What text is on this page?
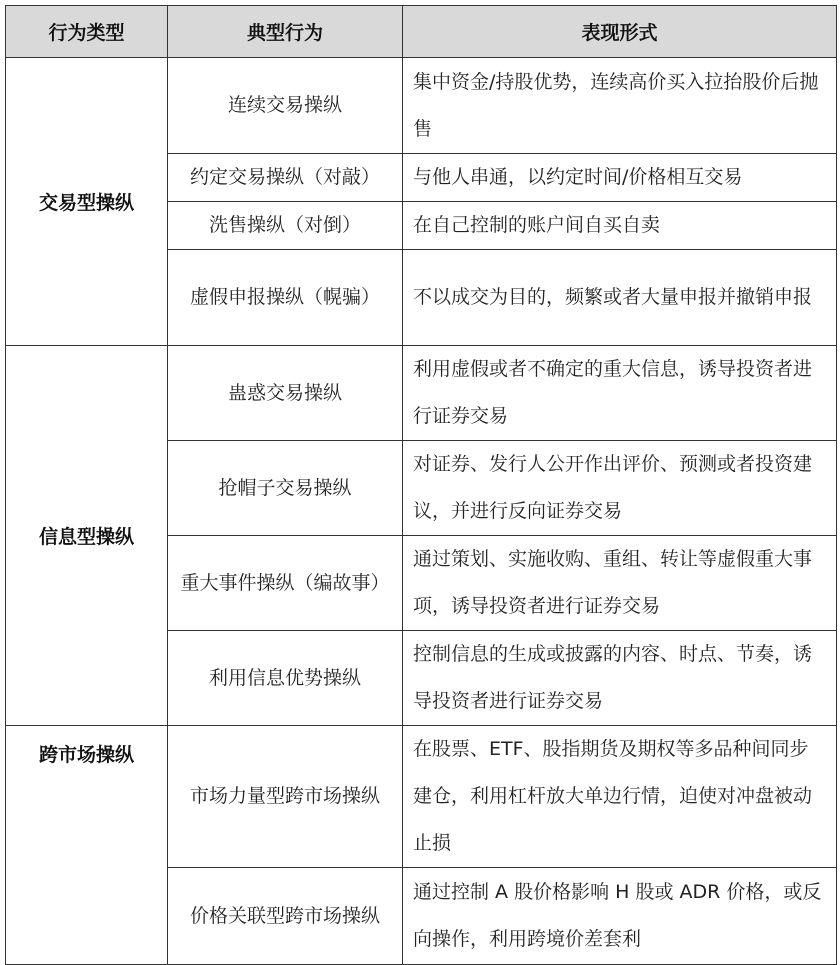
行为类型	典型行为	表现形式
交易型操纵	连续交易操纵	集中资金/持股优势，连续高价买入拉抬股价后抛售
	约定交易操纵（对敲）	与他人串通，以约定时间/价格相互交易
	洗售操纵（对倒）	在自己控制的账户间自买自卖
	虚假申报操纵（幌骗）	不以成交为目的，频繁或者大量申报并撤销申报
信息型操纵	蛊惑交易操纵	利用虚假或者不确定的重大信息，诱导投资者进行证券交易
	抢帽子交易操纵	对证券、发行人公开作出评价、预测或者投资建议，并进行反向证券交易
	重大事件操纵（编故事）	通过策划、实施收购、重组、转让等虚假重大事项，诱导投资者进行证券交易
	利用信息优势操纵	控制信息的生成或披露的内容、时点、节奏，诱导投资者进行证券交易
跨市场操纵	市场力量型跨市场操纵	在股票、ETF、股指期货及期权等多品种间同步建仓，利用杠杆放大单边行情，迫使对冲盘被动止损
	价格关联型跨市场操纵	通过控制 A 股价格影响 H 股或 ADR 价格，或反向操作，利用跨境价差套利
